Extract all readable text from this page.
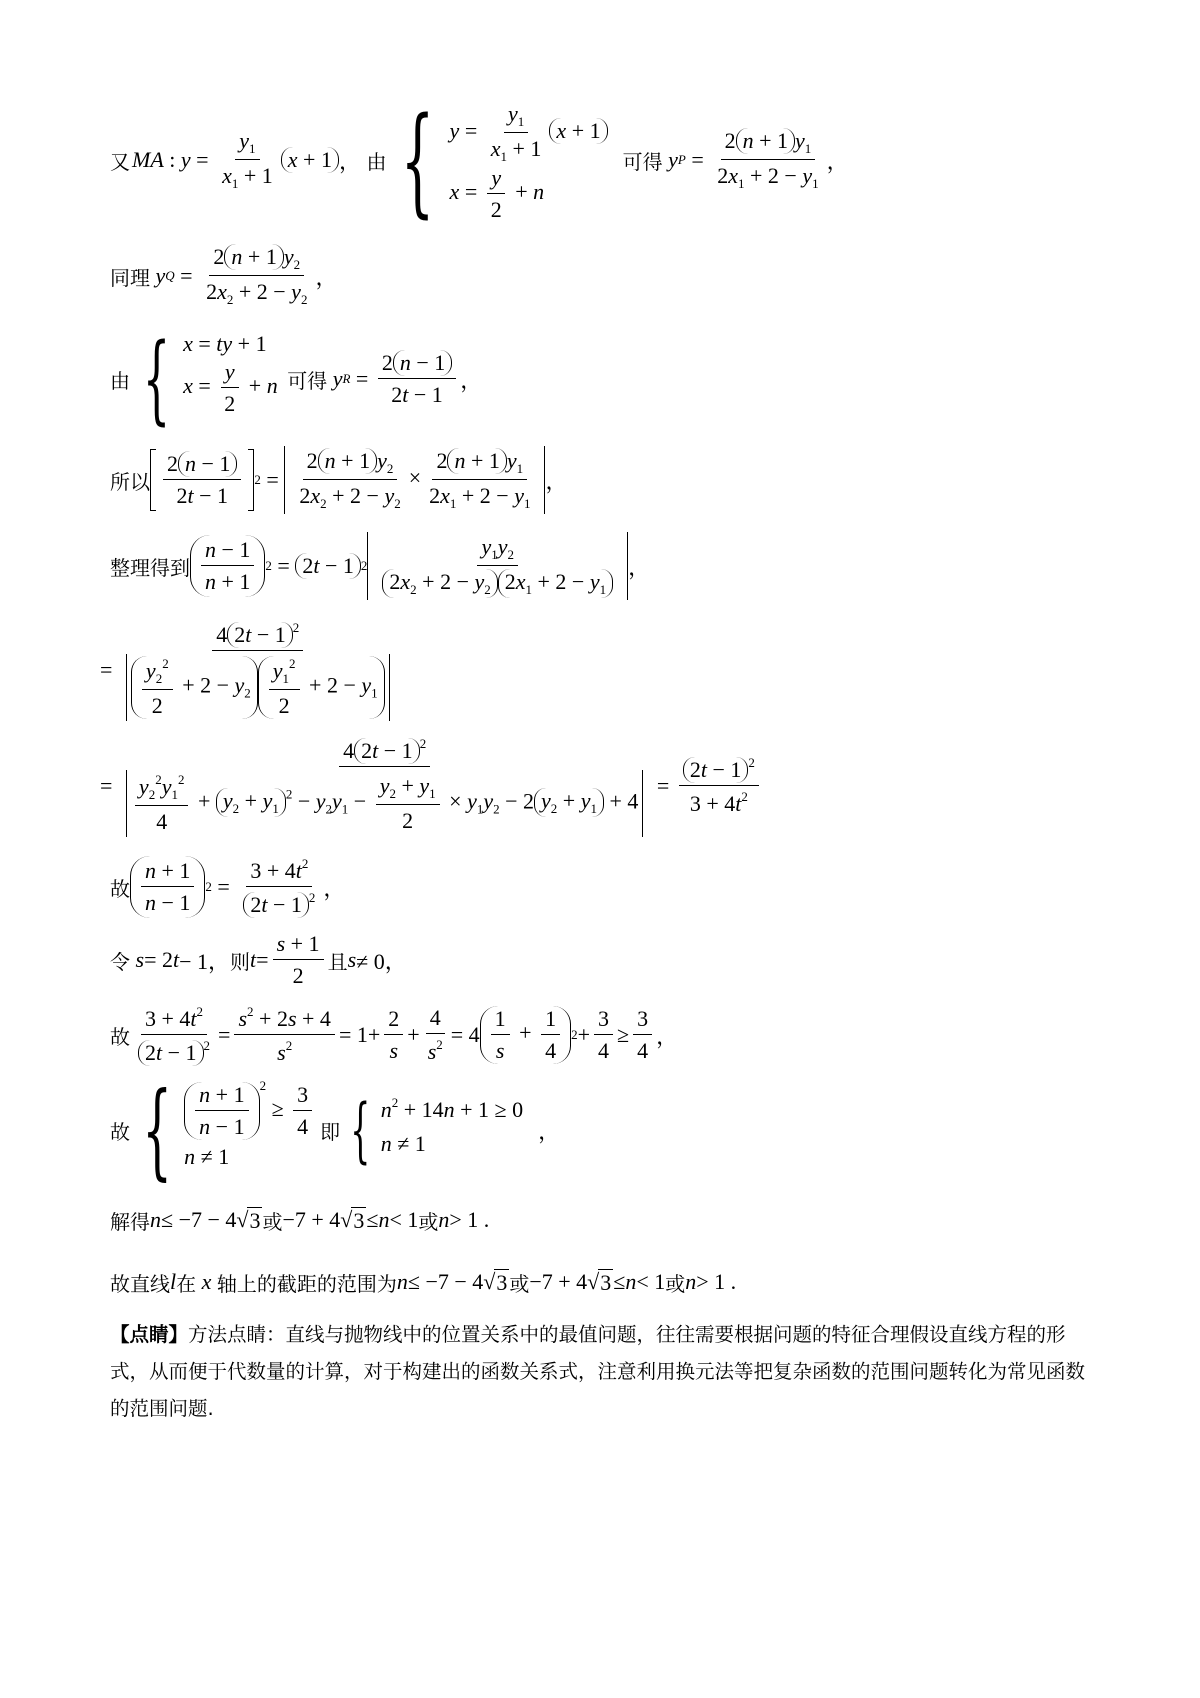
又 MA : $y = \frac{y_1}{x_1 + 1}$ x + 1 ， 由 { $y = \frac{y_1}{x_1 + 1}$ x + 1
$x = \frac{y}{2} + n$

可得
y $P = \frac{2 n + 1 y_1}{2x_1 + 2 - y_1}$ ，
同理
y $Q = \frac{2 n + 1 y_2}{2x_2 + 2 - y_2}$ ，
由 { x = ty + 1
$x = \frac{y}{2} + n$
可得
y $R = \frac{2 n - 1}{2t - 1}$ ，
所以 $\frac{2 n - 1}{2t - 1} 2 = \frac{2 n + 1 y_2}{2x_2 + 2 - y_2} \times \frac{2 n + 1 y_1}{2x_1 + 2 - y_1}$ ，
整理得到 $\frac{n - 1}{n + 1} 2 = 2t - 1$ $2 \frac{y_1y_2}{2x_2 + 2 - y_2 2x_1 + 2 - y_1}$ ，
= $\frac{4 2t - 1 ^2}{\frac{y_2^2}{2} + 2 - y_2 \frac{y_1^2}{2} + 2 - y_1}$
= $\frac{4 2t - 1 ^2}{\frac{y_2^2y_1^2}{4} + y_2 + y_1^2 - y_2y_1 - \frac{y_2 + y_1}{2} \times y_1y_2 - 2 y_2 + y_1 + 4} = \frac{2t - 1 ^2}{3 + 4t^2}$
故 $\frac{n + 1}{n - 1} 2 = \frac{3 + 4t^2}{2t - 1 ^2}$ ，
令
s = 2 t − 1， 则 $t = \frac{s + 1}{2}$ 且 s ≠ 0，
故 $\frac{3 + 4t^2}{2t - 1 ^2} = \frac{s^2 + 2s + 4}{s^2} = 1+ \frac{2}{s} + \frac{4}{s^2} = 4 \frac{1}{s} + \frac{1}{4} 2 + \frac{3}{4} \ge \frac{3}{4}$ ，
故 { $\frac{n + 1}{n - 1} ^2 \ge \frac{3}{4}$
n ≠ 1
即 { $n^2 + 14n + 1 \ge 0$
n ≠ 1	，
解得 n ≤ −7 − 4√ 3 或 −7 + 4√ 3 ≤ n < 1 或 n > 1 .
故直线 l 在
x
轴上的截距的范围为 n ≤ −7 − 4√ 3 或 −7 + 4√ 3 ≤ n < 1 或 n > 1 .
【点睛】方法点睛：直线与抛物线中的位置关系中的最值问题，往往需要根据问题的特征合理假设直线方程的形式，从而便于代数量的计算，对于构建出的函数关系式，注意利用换元法等把复杂函数的范围问题转化为常见函数的范围问题.
